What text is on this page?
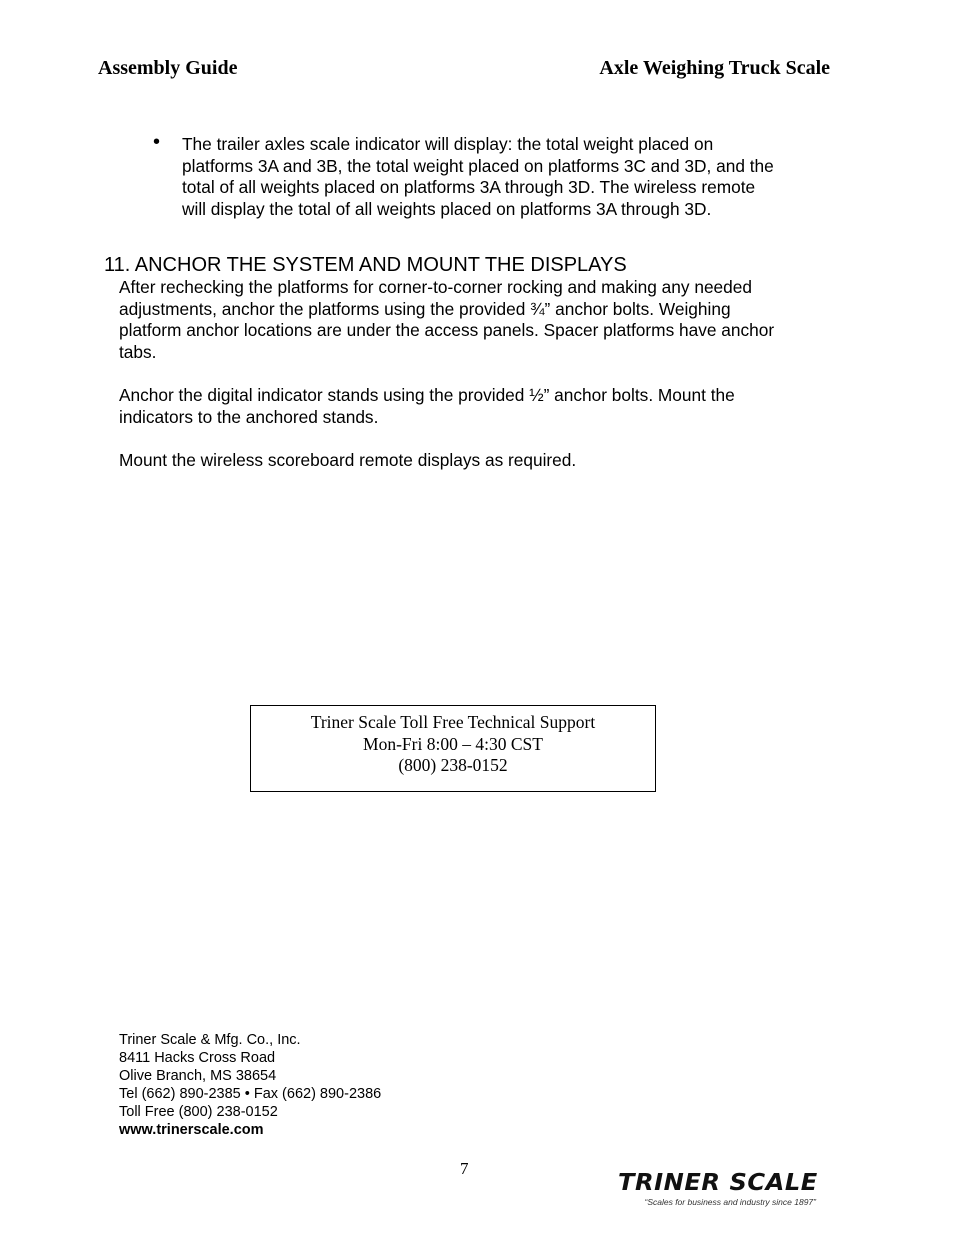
Assembly Guide	Axle Weighing Truck Scale
• The trailer axles scale indicator will display: the total weight placed on
platforms 3A and 3B, the total weight placed on platforms 3C and 3D, and the
total of all weights placed on platforms 3A through 3D. The wireless remote
will display the total of all weights placed on platforms 3A through 3D.
11. ANCHOR THE SYSTEM AND MOUNT THE DISPLAYS
After rechecking the platforms for corner-to-corner rocking and making any needed
adjustments, anchor the platforms using the provided ¾” anchor bolts. Weighing
platform anchor locations are under the access panels. Spacer platforms have anchor
tabs.
Anchor the digital indicator stands using the provided ½” anchor bolts. Mount the
indicators to the anchored stands.
Mount the wireless scoreboard remote displays as required.
Triner Scale Toll Free Technical Support
Mon-Fri 8:00 – 4:30 CST
(800) 238-0152
Triner Scale & Mfg. Co., Inc.
8411 Hacks Cross Road
Olive Branch, MS 38654
Tel (662) 890-2385 • Fax (662) 890-2386
Toll Free (800) 238-0152
www.trinerscale.com
7
TRINER SCALE
“Scales for business and industry since 1897”
